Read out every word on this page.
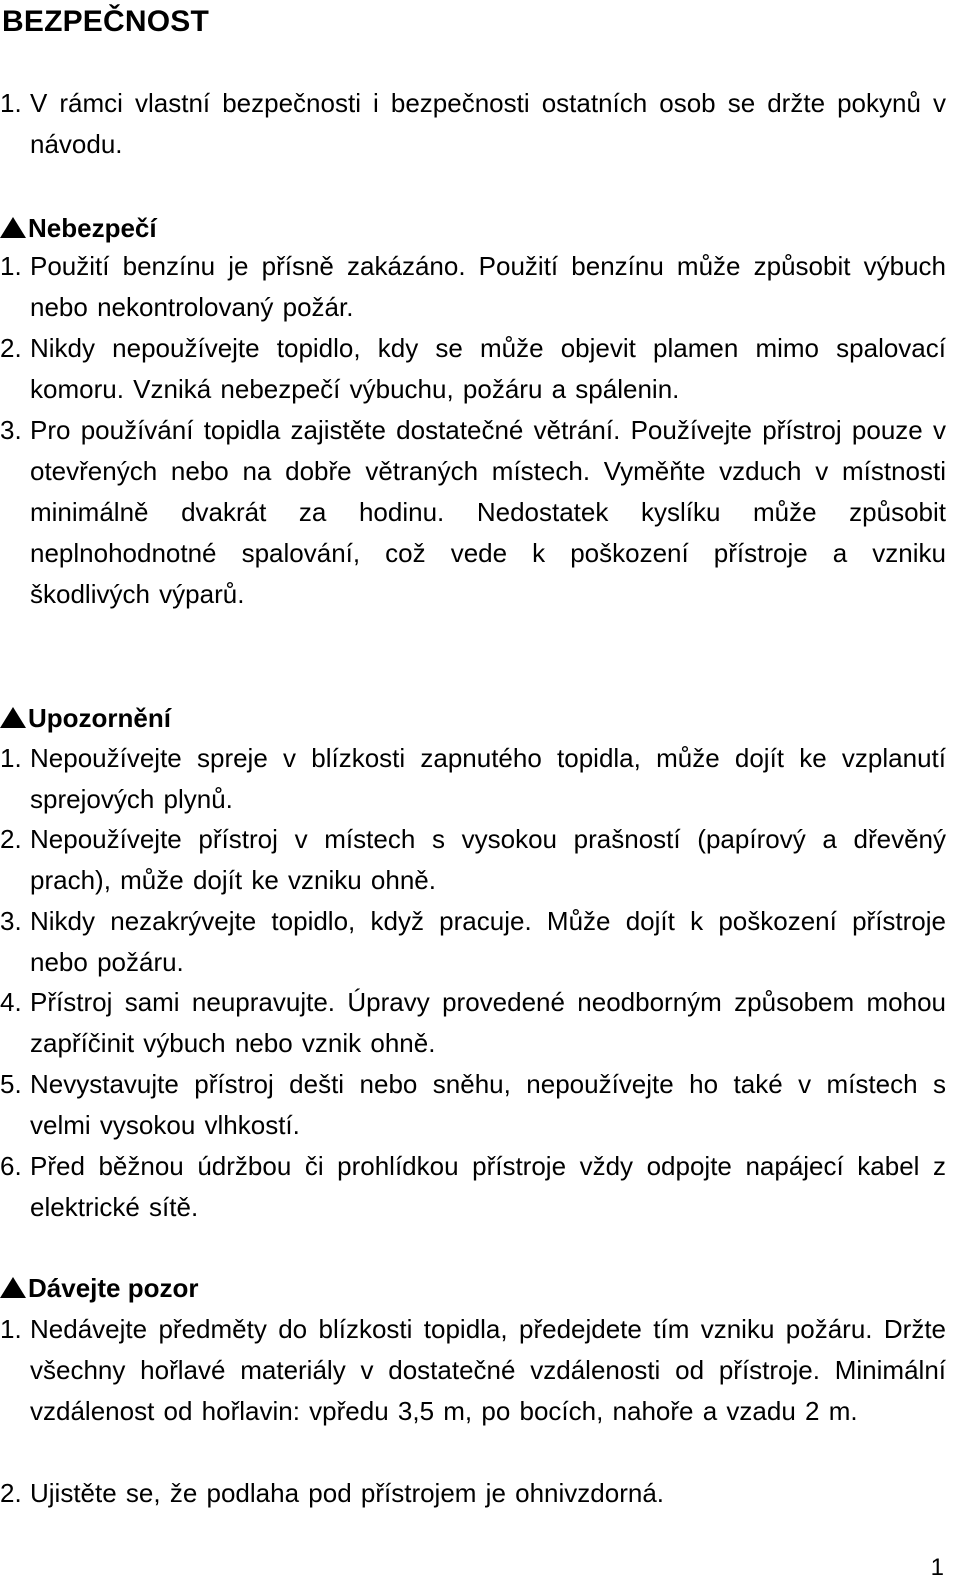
BEZPEČNOST
1. V rámci vlastní bezpečnosti i bezpečnosti ostatních osob se držte pokynů v návodu.
Nebezpečí
1. Použití benzínu je přísně zakázáno. Použití benzínu může způsobit výbuch nebo nekontrolovaný požár.
2. Nikdy nepoužívejte topidlo, kdy se může objevit plamen mimo spalovací komoru. Vzniká nebezpečí výbuchu, požáru a spálenin.
3. Pro používání topidla zajistěte dostatečné větrání. Používejte přístroj pouze v otevřených nebo na dobře větraných místech. Vyměňte vzduch v místnosti minimálně dvakrát za hodinu. Nedostatek kyslíku může způsobit neplnohodnotné spalování, což vede k poškození přístroje a vzniku škodlivých výparů.
Upozornění
1. Nepoužívejte spreje v blízkosti zapnutého topidla, může dojít ke vzplanutí sprejových plynů.
2. Nepoužívejte přístroj v místech s vysokou prašností (papírový a dřevěný prach), může dojít ke vzniku ohně.
3. Nikdy nezakrývejte topidlo, když pracuje. Může dojít k poškození přístroje nebo požáru.
4. Přístroj sami neupravujte. Úpravy provedené neodborným způsobem mohou zapříčinit výbuch nebo vznik ohně.
5. Nevystavujte přístroj dešti nebo sněhu, nepoužívejte ho také v místech s velmi vysokou vlhkostí.
6. Před běžnou údržbou či prohlídkou přístroje vždy odpojte napájecí kabel z elektrické sítě.
Dávejte pozor
1. Nedávejte předměty do blízkosti topidla, předejdete tím vzniku požáru. Držte všechny hořlavé materiály v dostatečné vzdálenosti od přístroje. Minimální vzdálenost od hořlavin: vpředu 3,5 m, po bocích, nahoře a vzadu 2 m.
2. Ujistěte se, že podlaha pod přístrojem je ohnivzdorná.
1
